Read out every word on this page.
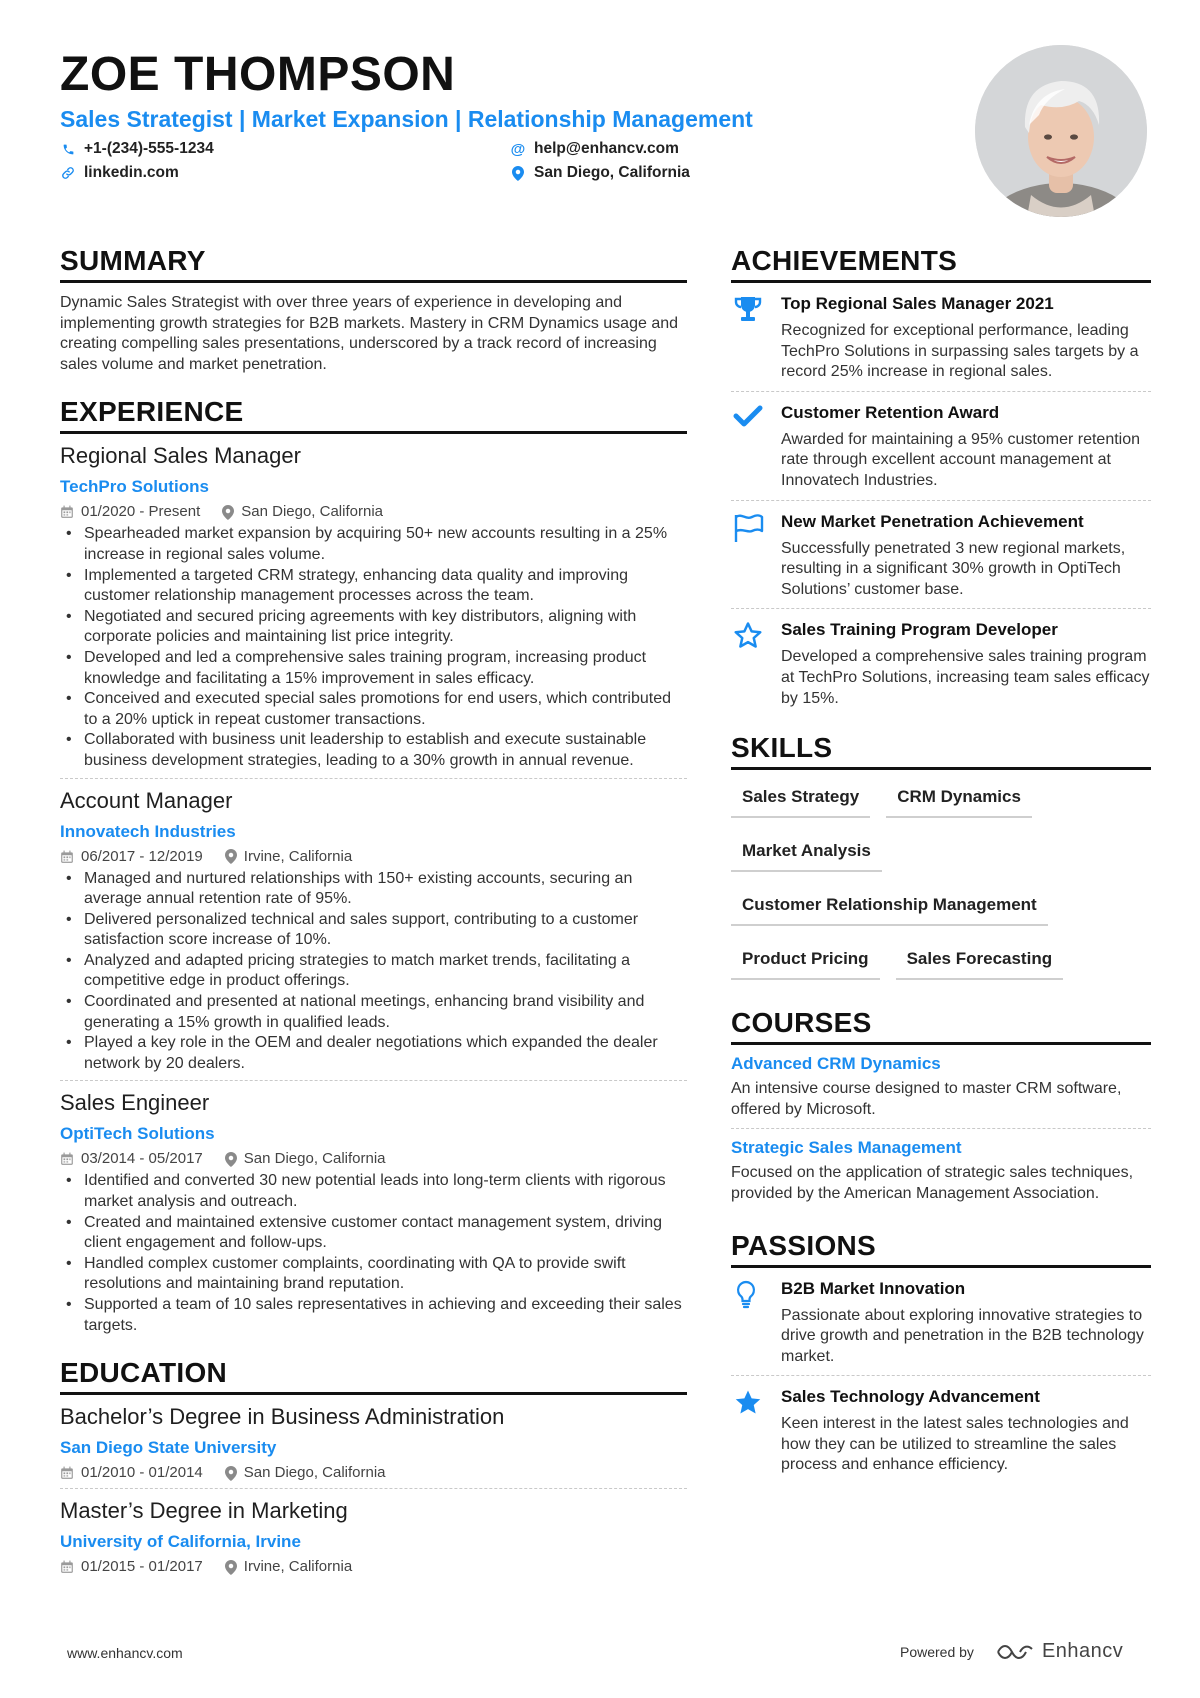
ZOE THOMPSON
Sales Strategist | Market Expansion | Relationship Management
+1-(234)-555-1234	@ help@enhancv.com
linkedin.com	San Diego, California
SUMMARY
Dynamic Sales Strategist with over three years of experience in developing and implementing growth strategies for B2B markets. Mastery in CRM Dynamics usage and creating compelling sales presentations, underscored by a track record of increasing sales volume and market penetration.
EXPERIENCE
Regional Sales Manager
TechPro Solutions
01/2020 - Present	San Diego, California
• Spearheaded market expansion by acquiring 50+ new accounts resulting in a 25% increase in regional sales volume.
• Implemented a targeted CRM strategy, enhancing data quality and improving customer relationship management processes across the team.
• Negotiated and secured pricing agreements with key distributors, aligning with corporate policies and maintaining list price integrity.
• Developed and led a comprehensive sales training program, increasing product knowledge and facilitating a 15% improvement in sales efficacy.
• Conceived and executed special sales promotions for end users, which contributed to a 20% uptick in repeat customer transactions.
• Collaborated with business unit leadership to establish and execute sustainable business development strategies, leading to a 30% growth in annual revenue.
Account Manager
Innovatech Industries
06/2017 - 12/2019	Irvine, California
• Managed and nurtured relationships with 150+ existing accounts, securing an average annual retention rate of 95%.
• Delivered personalized technical and sales support, contributing to a customer satisfaction score increase of 10%.
• Analyzed and adapted pricing strategies to match market trends, facilitating a competitive edge in product offerings.
• Coordinated and presented at national meetings, enhancing brand visibility and generating a 15% growth in qualified leads.
• Played a key role in the OEM and dealer negotiations which expanded the dealer network by 20 dealers.
Sales Engineer
OptiTech Solutions
03/2014 - 05/2017	San Diego, California
• Identified and converted 30 new potential leads into long-term clients with rigorous market analysis and outreach.
• Created and maintained extensive customer contact management system, driving client engagement and follow-ups.
• Handled complex customer complaints, coordinating with QA to provide swift resolutions and maintaining brand reputation.
• Supported a team of 10 sales representatives in achieving and exceeding their sales targets.
EDUCATION
Bachelor’s Degree in Business Administration
San Diego State University
01/2010 - 01/2014	San Diego, California
Master’s Degree in Marketing
University of California, Irvine
01/2015 - 01/2017	Irvine, California
ACHIEVEMENTS
Top Regional Sales Manager 2021
Recognized for exceptional performance, leading TechPro Solutions in surpassing sales targets by a record 25% increase in regional sales.
Customer Retention Award
Awarded for maintaining a 95% customer retention rate through excellent account management at Innovatech Industries.
New Market Penetration Achievement
Successfully penetrated 3 new regional markets, resulting in a significant 30% growth in OptiTech Solutions’ customer base.
Sales Training Program Developer
Developed a comprehensive sales training program at TechPro Solutions, increasing team sales efficacy by 15%.
SKILLS
Sales Strategy	CRM Dynamics
Market Analysis
Customer Relationship Management
Product Pricing	Sales Forecasting
COURSES
Advanced CRM Dynamics
An intensive course designed to master CRM software, offered by Microsoft.
Strategic Sales Management
Focused on the application of strategic sales techniques, provided by the American Management Association.
PASSIONS
B2B Market Innovation
Passionate about exploring innovative strategies to drive growth and penetration in the B2B technology market.
Sales Technology Advancement
Keen interest in the latest sales technologies and how they can be utilized to streamline the sales process and enhance efficiency.
www.enhancv.com	Powered by	Enhancv
